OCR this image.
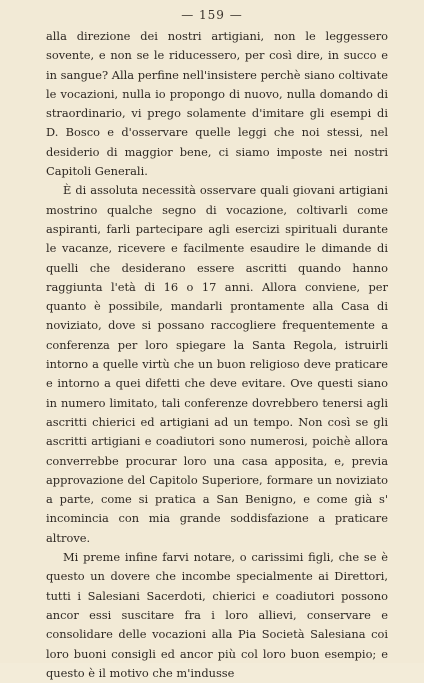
— 159 —

alla direzione dei nostri artigiani, non le leggessero sovente, e non se le riducessero, per così dire, in succo e in sangue? Alla perfine nell'insistere perchè siano coltivate le vocazioni, nulla io propongo di nuovo, nulla domando di straordinario, vi prego solamente d'imitare gli esempi di D. Bosco e d'osservare quelle leggi che noi stessi, nel desiderio di maggior bene, ci siamo imposte nei nostri Capitoli Generali.

È di assoluta necessità osservare quali giovani artigiani mostrino qualche segno di vocazione, coltivarli come aspiranti, farli partecipare agli esercizi spirituali durante le vacanze, ricevere e facilmente esaudire le dimande di quelli che desiderano essere ascritti quando hanno raggiunta l'età di 16 o 17 anni. Allora conviene, per quanto è possibile, mandarli prontamente alla Casa di noviziato, dove si possano raccogliere frequentemente a conferenza per loro spiegare la Santa Regola, istruirli intorno a quelle virtù che un buon religioso deve praticare e intorno a quei difetti che deve evitare. Ove questi siano in numero limitato, tali conferenze dovrebbero tenersi agli ascritti chierici ed artigiani ad un tempo. Non così se gli ascritti artigiani e coadiutori sono numerosi, poichè allora converrebbe procurar loro una casa apposita, e, previa approvazione del Capitolo Superiore, formare un noviziato a parte, come si pratica a San Benigno, e come già s' incomincia con mia grande soddisfazione a praticare altrove.

Mi preme infine farvi notare, o carissimi figli, che se è questo un dovere che incombe specialmente ai Direttori, tutti i Salesiani Sacerdoti, chierici e coadiutori possono ancor essi suscitare fra i loro allievi, conservare e consolidare delle vocazioni alla Pia Società Salesiana coi loro buoni consigli ed ancor più col loro buon esempio; e questo è il motivo che m'indusse
